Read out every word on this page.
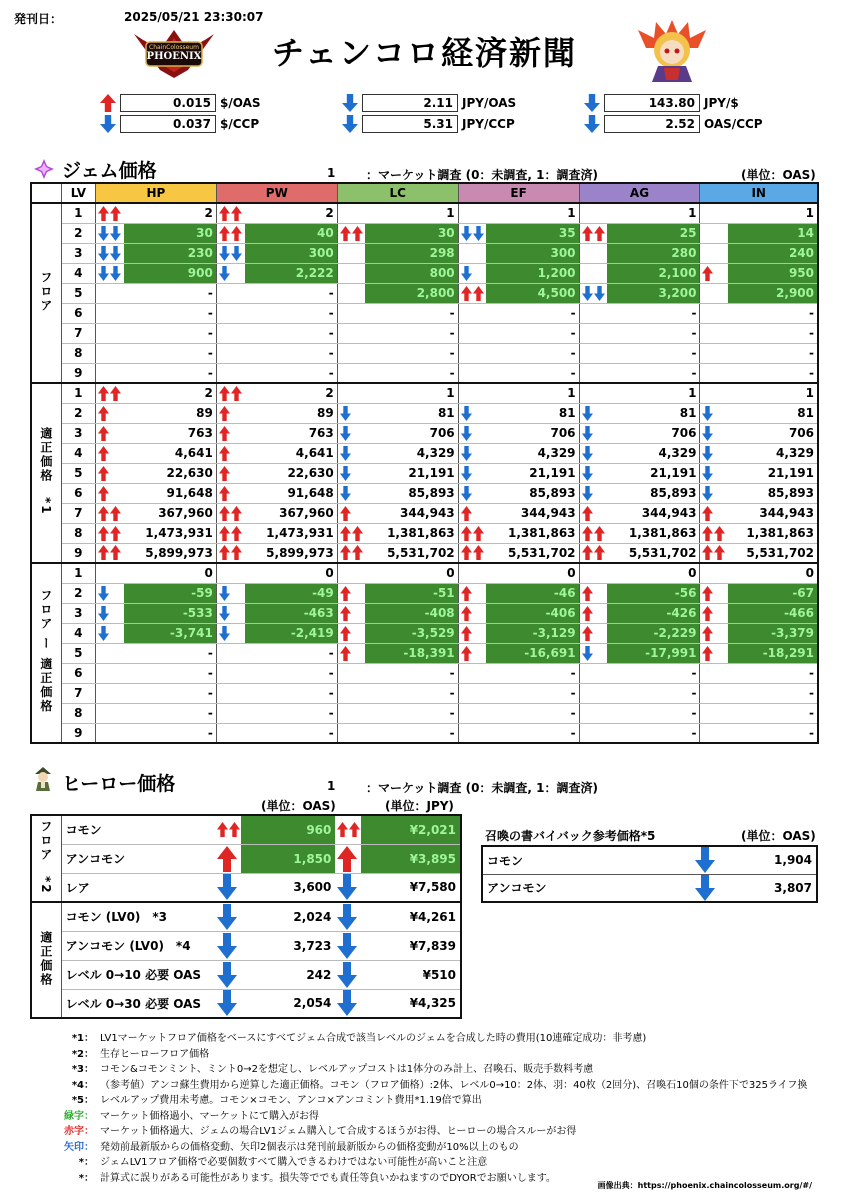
発刊日：	2025/05/21 23:30:07
ChainColosseum
PHOENIX チェンコロ経済新聞
0.015 $/OAS
0.037 $/CCP
2.11 JPY/OAS
5.31 JPY/CCP
143.80 JPY/$
2.52 OAS/CCP
ジェム価格	1	：マーケット調査 (0：未調査, 1：調査済)	(単位：OAS)
	LV	HP		PW		LC		EF		AG		IN	
フロア	1		2		2		1		1		1		1
	2		30		40		30		35		25		14
	3		230		300		298		300		280		240
	4		900		2,222		800		1,200		2,100		950
	5		-		-		2,800		4,500		3,200		2,900
	6		-		-		-		-		-		-
	7		-		-		-		-		-		-
	8		-		-		-		-		-		-
	9		-		-		-		-		-		-
適正価格　*1	1		2		2		1		1		1		1
	2		89		89		81		81		81		81
	3		763		763		706		706		706		706
	4		4,641		4,641		4,329		4,329		4,329		4,329
	5		22,630		22,630		21,191		21,191		21,191		21,191
	6		91,648		91,648		85,893		85,893		85,893		85,893
	7		367,960		367,960		344,943		344,943		344,943		344,943
	8		1,473,931		1,473,931		1,381,863		1,381,863		1,381,863		1,381,863
	9		5,899,973		5,899,973		5,531,702		5,531,702		5,531,702		5,531,702
フロア ー 適正価格	1		0		0		0		0		0		0
	2		-59		-49		-51		-46		-56		-67
	3		-533		-463		-408		-406		-426		-466
	4		-3,741		-2,419		-3,529		-3,129		-2,229		-3,379
	5		-		-		-18,391		-16,691		-17,991		-18,291
	6		-		-		-		-		-		-
	7		-		-		-		-		-		-
	8		-		-		-		-		-		-
	9		-		-		-		-		-		-
ヒーロー価格	1	：マーケット調査 (0：未調査, 1：調査済)
(単位：OAS)	(単位：JPY)
フロア　*2	コモン		960		¥2,021
	アンコモン		1,850		¥3,895
	レア		3,600		¥7,580
適正価格	コモン (LV0)　*3		2,024		¥4,261
	アンコモン (LV0)　*4		3,723		¥7,839
	レベル 0→10 必要 OAS		242		¥510
	レベル 0→30 必要 OAS		2,054		¥4,325
召喚の書バイバック参考価格*5	(単位：OAS)
コモン		1,904
アンコモン		3,807
*1： LV1マーケットフロア価格をベースにすべてジェム合成で該当レベルのジェムを合成した時の費用(10連確定成功：非考慮)
*2： 生存ヒーローフロア価格
*3： コモン&コモンミント、ミント0→2を想定し、レベルアップコストは1体分のみ計上、召喚石、販売手数料考慮
*4： （参考値）アンコ蘇生費用から逆算した適正価格。コモン（フロア価格）:2体、レベル0→10：2体、羽：40枚（2回分)、召喚石10個の条件下で325ライフ換
*5： レベルアップ費用未考慮。コモン×コモン、アンコ×アンコミント費用*1.19倍で算出
緑字： マーケット価格過小、マーケットにて購入がお得
赤字： マーケット価格過大、ジェムの場合LV1ジェム購入して合成するほうがお得、ヒーローの場合スルーがお得
矢印： 発効前最新版からの価格変動、矢印2個表示は発刊前最新版からの価格変動が10%以上のもの
*： ジェムLV1フロア価格で必要個数すべて購入できるわけではない可能性が高いこと注意
*： 計算式に誤りがある可能性があります。損失等ででも責任等負いかねますのでDYORでお願いします。
画像出典：https://phoenix.chaincolosseum.org/#/
